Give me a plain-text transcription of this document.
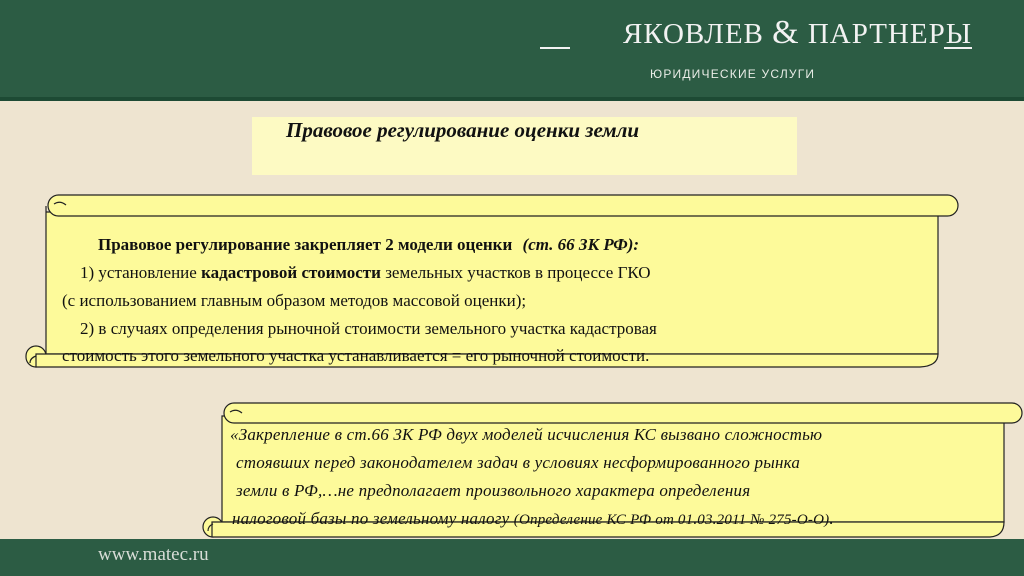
ЯКОВЛЕВ & ПАРТНЕРЫ
ЮРИДИЧЕСКИЕ УСЛУГИ
Правовое регулирование оценки земли
Правовое регулирование закрепляет 2 модели оценки (ст. 66 ЗК РФ):
1) установление кадастровой стоимости земельных участков в процессе ГКО
(с использованием главным образом методов массовой оценки);
2) в случаях определения рыночной стоимости земельного участка кадастровая
стоимость этого земельного участка устанавливается = его рыночной стоимости.
«Закрепление в ст.66 ЗК РФ двух моделей исчисления КС вызвано сложностью
стоявших перед законодателем задач в условиях несформированного рынка
земли в РФ,…не предполагает произвольного характера определения
налоговой базы по земельному налогу (Определение КС РФ от 01.03.2011 № 275-О-О).
www.matec.ru
